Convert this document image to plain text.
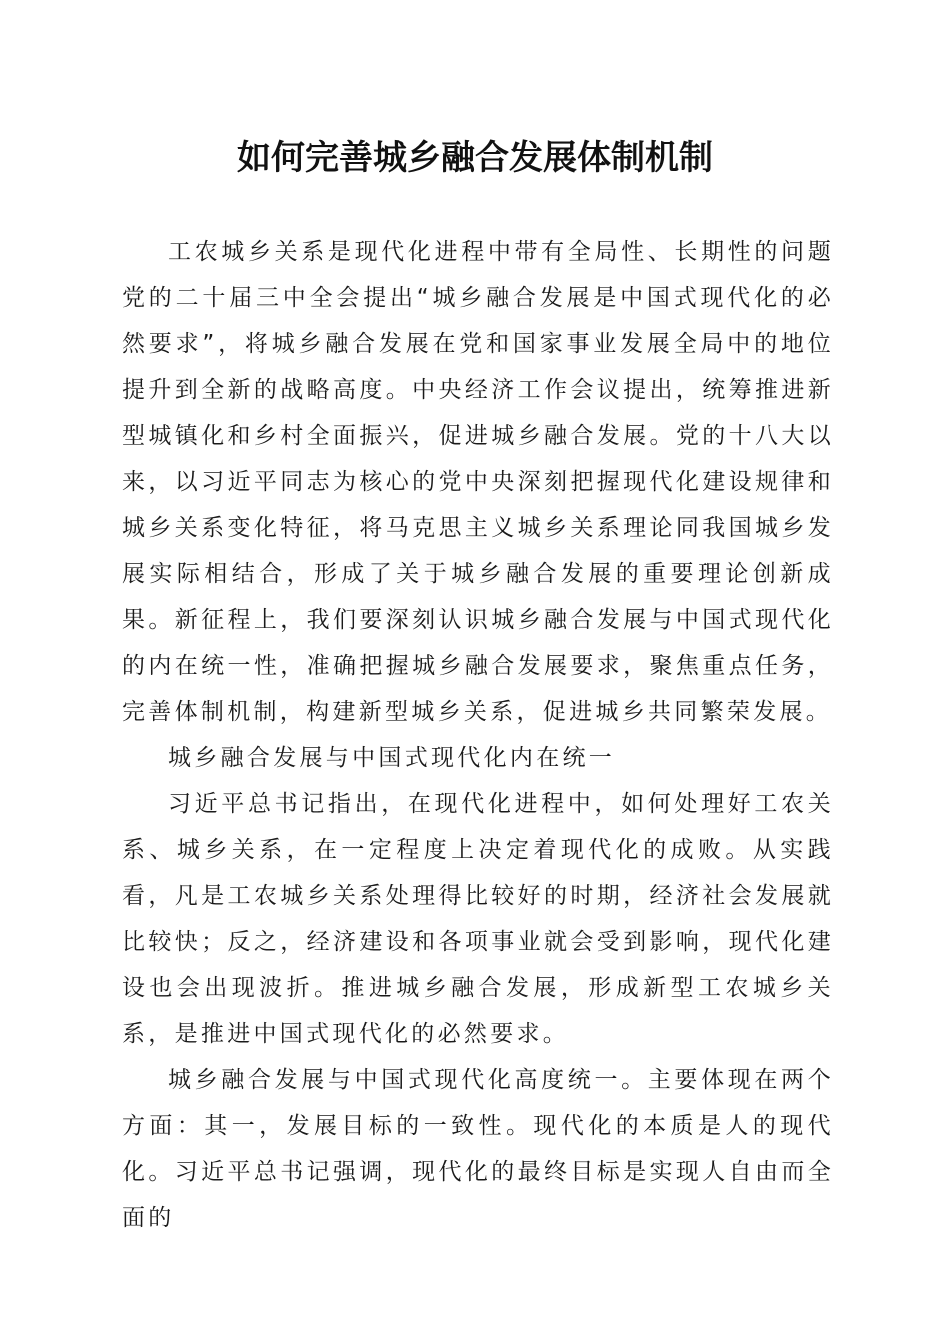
如何完善城乡融合发展体制机制

工农城乡关系是现代化进程中带有全局性、长期性的问题党的二十届三中全会提出“城乡融合发展是中国式现代化的必然要求”，将城乡融合发展在党和国家事业发展全局中的地位提升到全新的战略高度。中央经济工作会议提出，统筹推进新型城镇化和乡村全面振兴，促进城乡融合发展。党的十八大以来，以习近平同志为核心的党中央深刻把握现代化建设规律和城乡关系变化特征，将马克思主义城乡关系理论同我国城乡发展实际相结合，形成了关于城乡融合发展的重要理论创新成果。新征程上，我们要深刻认识城乡融合发展与中国式现代化的内在统一性，准确把握城乡融合发展要求，聚焦重点任务，完善体制机制，构建新型城乡关系，促进城乡共同繁荣发展。

城乡融合发展与中国式现代化内在统一

习近平总书记指出，在现代化进程中，如何处理好工农关系、城乡关系，在一定程度上决定着现代化的成败。从实践看，凡是工农城乡关系处理得比较好的时期，经济社会发展就比较快；反之，经济建设和各项事业就会受到影响，现代化建设也会出现波折。推进城乡融合发展，形成新型工农城乡关系，是推进中国式现代化的必然要求。

城乡融合发展与中国式现代化高度统一。主要体现在两个方面：其一，发展目标的一致性。现代化的本质是人的现代化。习近平总书记强调，现代化的最终目标是实现人自由而全面的
